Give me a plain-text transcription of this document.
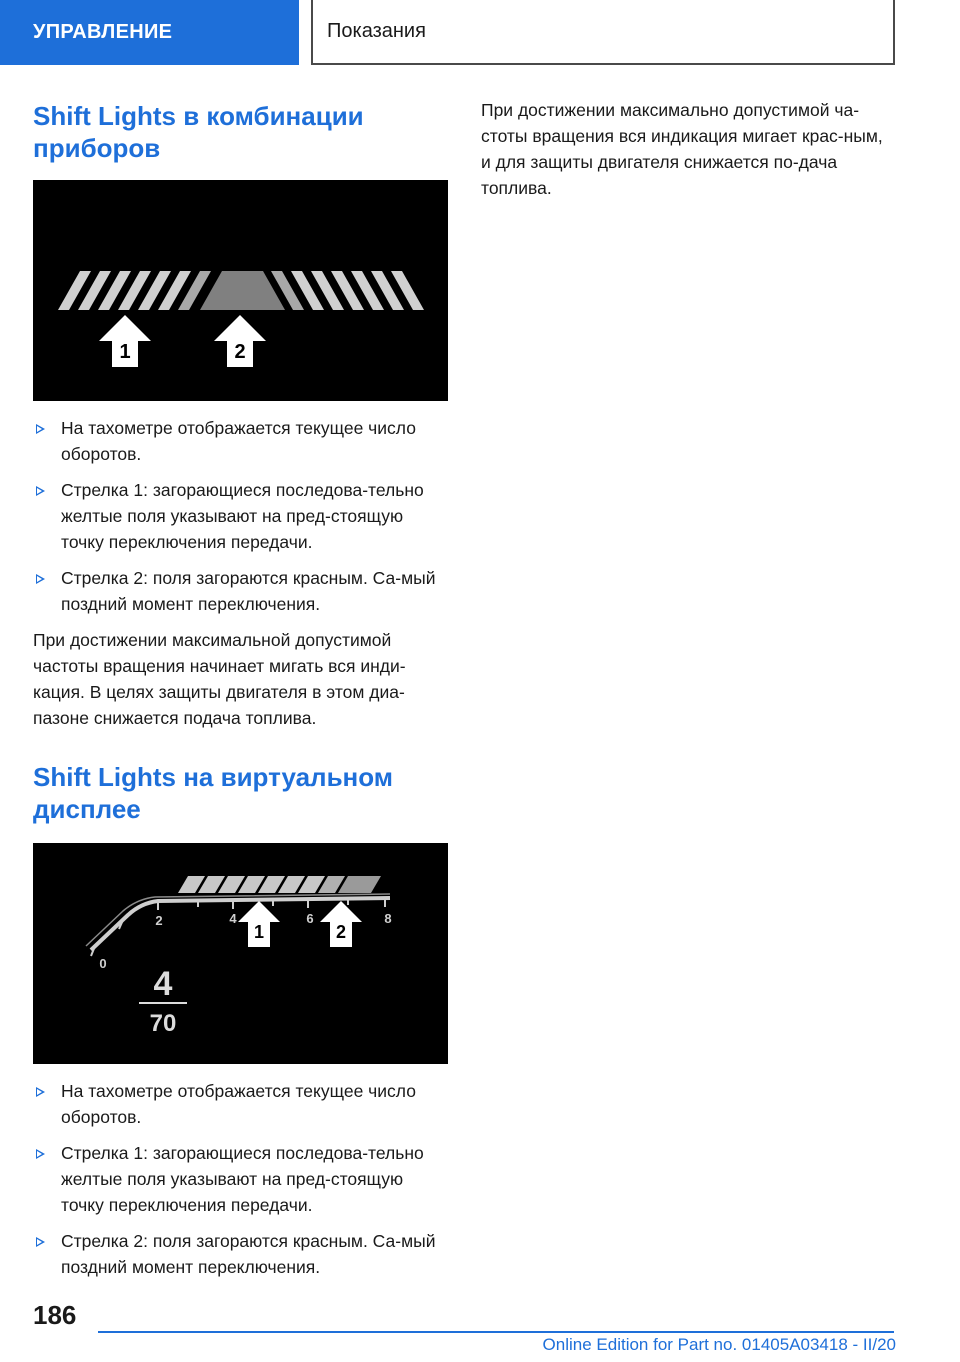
УПРАВЛЕНИЕ	Показания
Shift Lights в комбинации приборов
1	2
На тахометре отображается текущее число оборотов.
Стрелка 1: загорающиеся последова-тельно желтые поля указывают на пред-стоящую точку переключения передачи.
Стрелка 2: поля загораются красным. Са-мый поздний момент переключения.

При достижении максимальной допустимой частоты вращения начинает мигать вся инди-кация. В целях защиты двигателя в этом диа-пазоне снижается подача топлива.

Shift Lights на виртуальном дисплее
0
2	4	6	8
1	2
4
70
На тахометре отображается текущее число оборотов.
Стрелка 1: загорающиеся последова-тельно желтые поля указывают на пред-стоящую точку переключения передачи.
Стрелка 2: поля загораются красным. Са-мый поздний момент переключения.

При достижении максимально допустимой ча-стоты вращения вся индикация мигает крас-ным, и для защиты двигателя снижается по-дача топлива.

186
Online Edition for Part no. 01405A03418 - II/20
